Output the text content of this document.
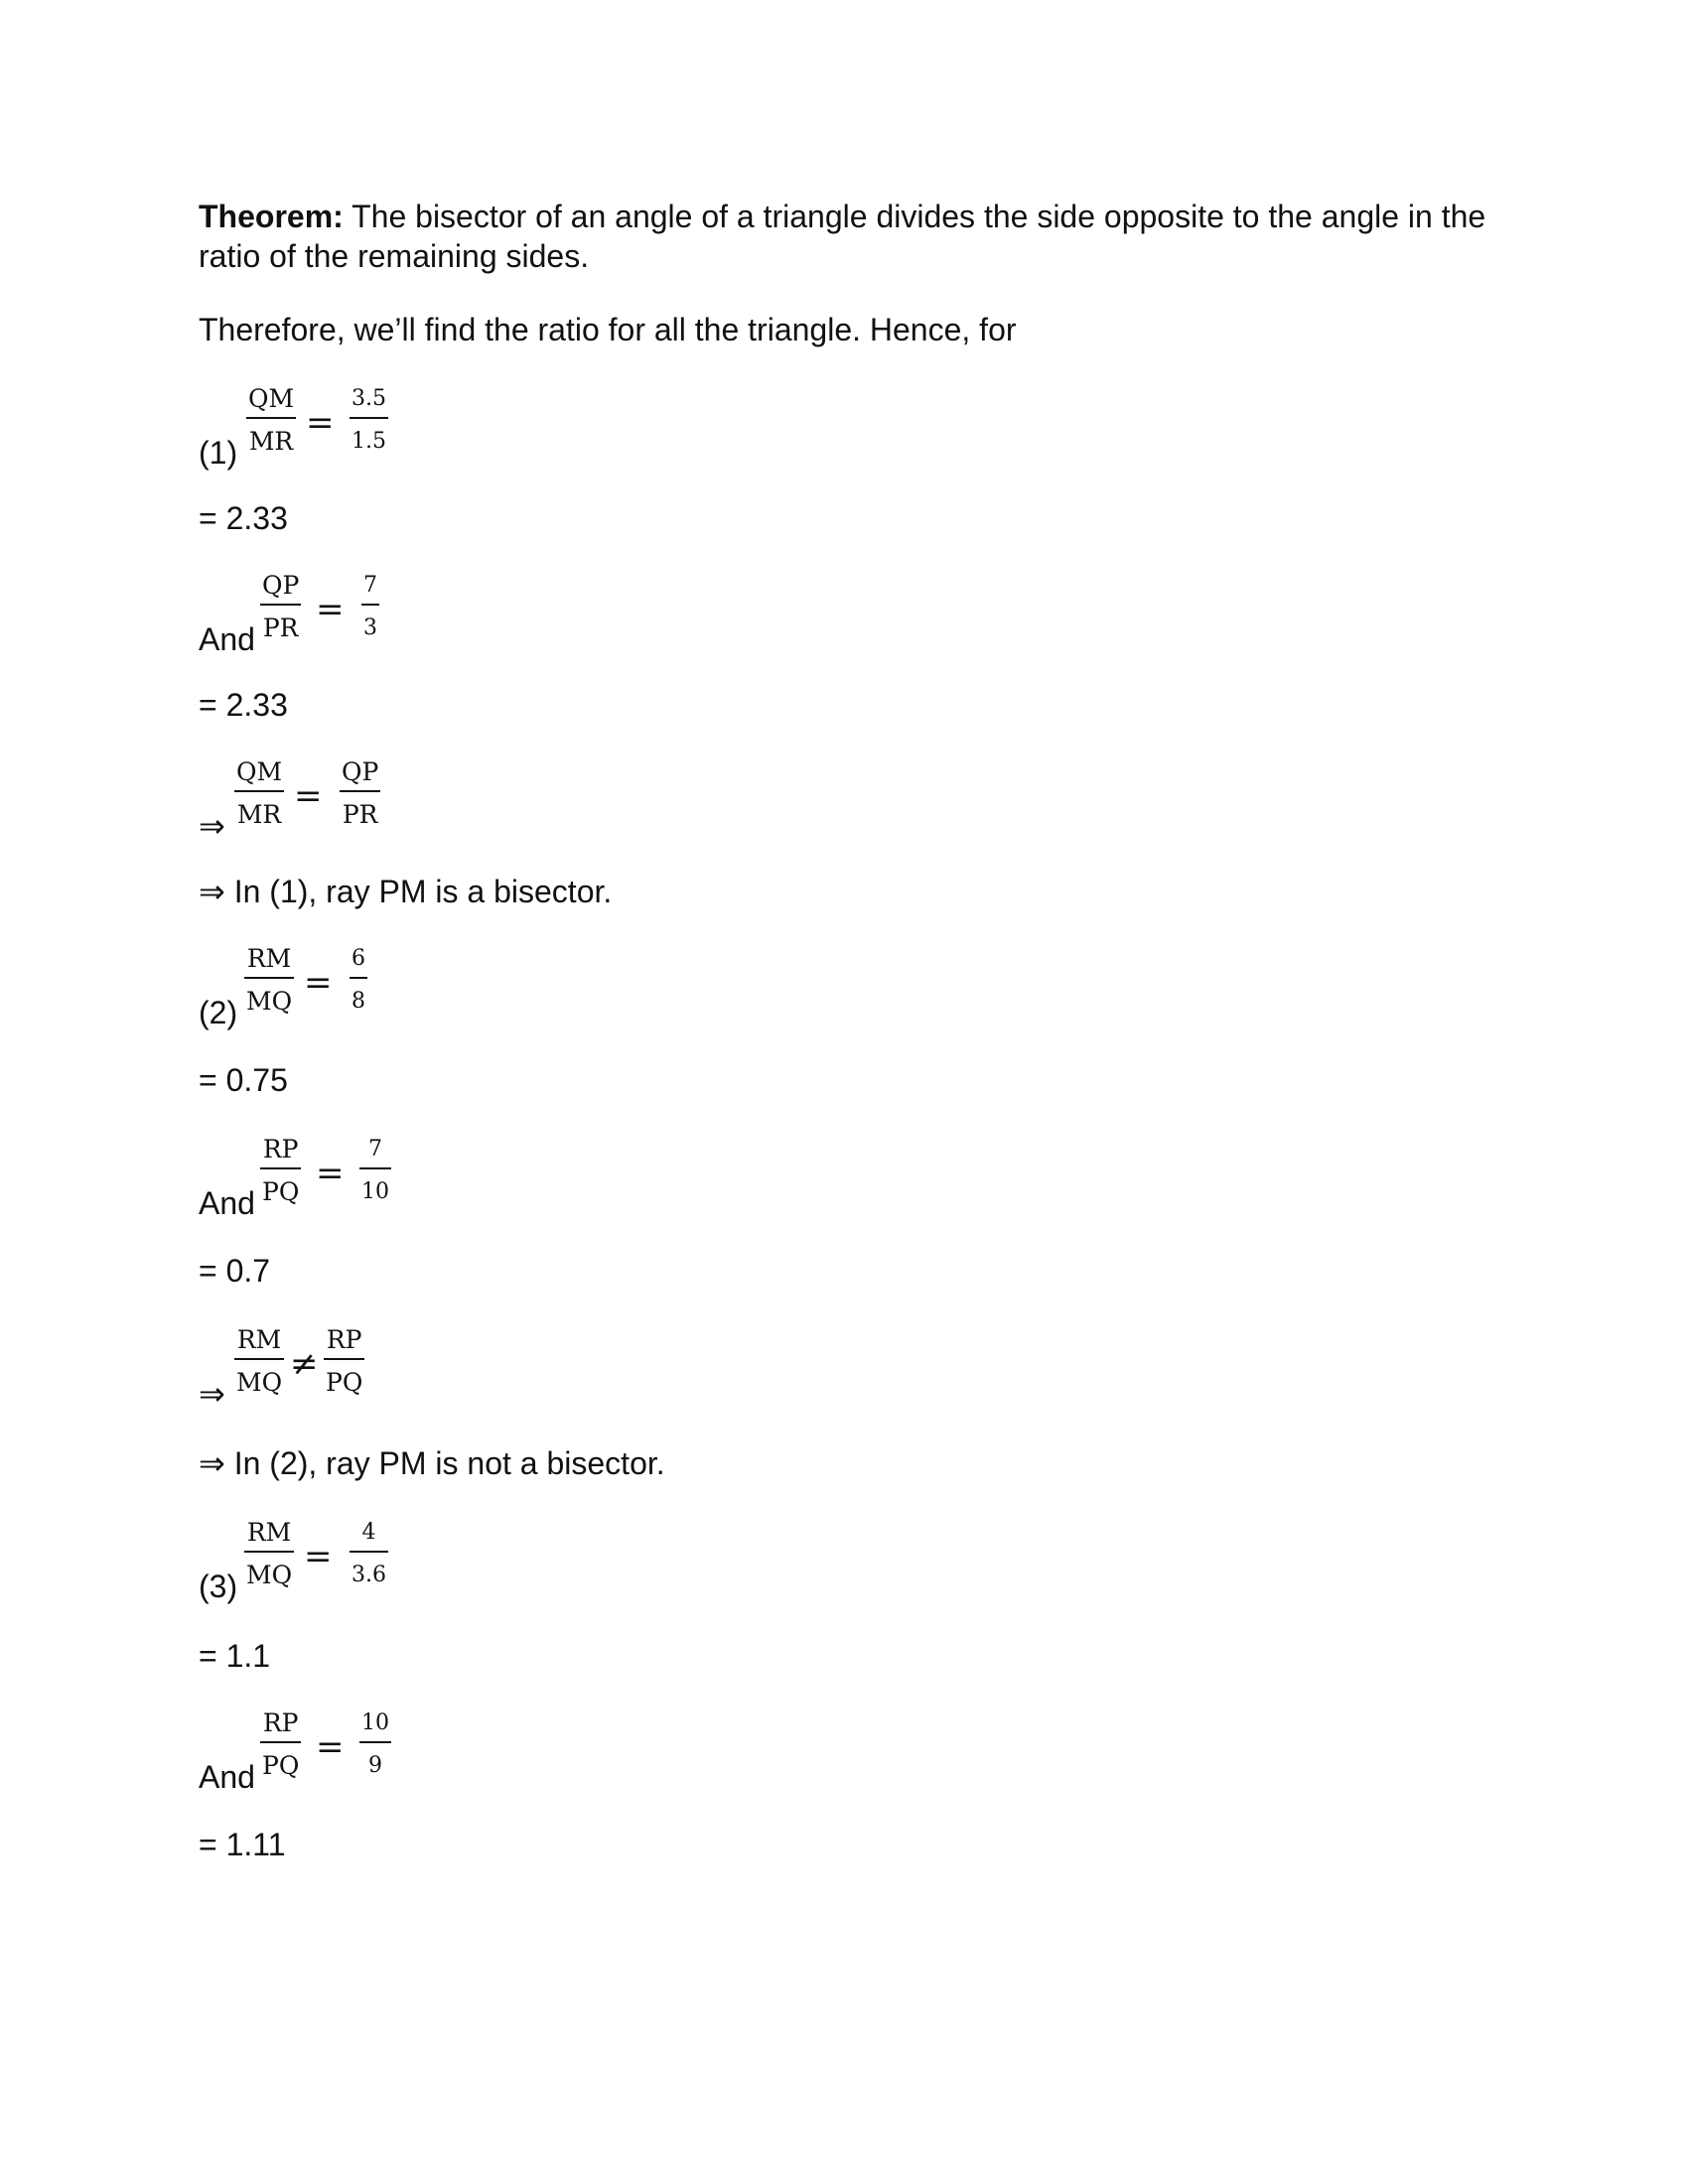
Theorem: The bisector of an angle of a triangle divides the side opposite to the angle in the ratio of the remaining sides.
Therefore, we’ll find the ratio for all the triangle. Hence, for
(1)
QM
MR =
3.5
1.5
= 2.33
And
QP
PR =
7
3
= 2.33
⇒
QM
MR =
QP
PR
⇒ In (1), ray PM is a bisector.
(2)
RM
MQ =
6
8
= 0.75
And
RP
PQ =
7
10
= 0.7
⇒
RM
MQ ≠
RP
PQ
⇒ In (2), ray PM is not a bisector.
(3)
RM
MQ =
4
3.6
= 1.1
And
RP
PQ =
10
9
= 1.11
